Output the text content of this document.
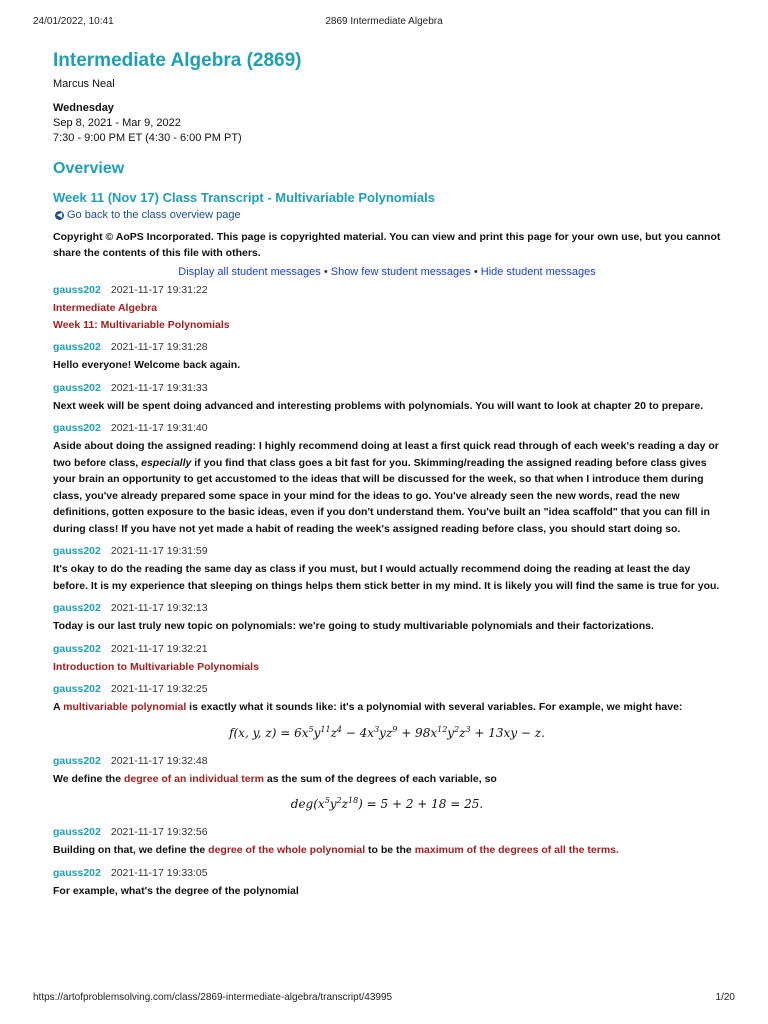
24/01/2022, 10:41	2869 Intermediate Algebra
Intermediate Algebra (2869)
Marcus Neal
Wednesday
Sep 8, 2021 - Mar 9, 2022
7:30 - 9:00 PM ET (4:30 - 6:00 PM PT)
Overview
Week 11 (Nov 17) Class Transcript - Multivariable Polynomials
◀ Go back to the class overview page
Copyright © AoPS Incorporated. This page is copyrighted material. You can view and print this page for your own use, but you cannot share the contents of this file with others.
Display all student messages • Show few student messages • Hide student messages
gauss202 2021-11-17 19:31:22
Intermediate Algebra
Week 11: Multivariable Polynomials
gauss202 2021-11-17 19:31:28
Hello everyone! Welcome back again.
gauss202 2021-11-17 19:31:33
Next week will be spent doing advanced and interesting problems with polynomials. You will want to look at chapter 20 to prepare.
gauss202 2021-11-17 19:31:40
Aside about doing the assigned reading: I highly recommend doing at least a first quick read through of each week's reading a day or two before class, especially if you find that class goes a bit fast for you. Skimming/reading the assigned reading before class gives your brain an opportunity to get accustomed to the ideas that will be discussed for the week, so that when I introduce them during class, you've already prepared some space in your mind for the ideas to go. You've already seen the new words, read the new definitions, gotten exposure to the basic ideas, even if you don't understand them. You've built an "idea scaffold" that you can fill in during class! If you have not yet made a habit of reading the week's assigned reading before class, you should start doing so.
gauss202 2021-11-17 19:31:59
It's okay to do the reading the same day as class if you must, but I would actually recommend doing the reading at least the day before. It is my experience that sleeping on things helps them stick better in my mind. It is likely you will find the same is true for you.
gauss202 2021-11-17 19:32:13
Today is our last truly new topic on polynomials: we're going to study multivariable polynomials and their factorizations.
gauss202 2021-11-17 19:32:21
Introduction to Multivariable Polynomials
gauss202 2021-11-17 19:32:25
A multivariable polynomial is exactly what it sounds like: it's a polynomial with several variables. For example, we might have:
f(x, y, $z) = 6x^5y^{11}z^4 - 4x^3yz^9 + 98x^{12}y^2z^3 + 13xy - z$.
gauss202 2021-11-17 19:32:48
We define the degree of an individual term as the sum of the degrees of each variable, so
$deg(x^5y^2z^{18}) = 5 + 2 + 18 = 25$.
gauss202 2021-11-17 19:32:56
Building on that, we define the degree of the whole polynomial to be the maximum of the degrees of all the terms.
gauss202 2021-11-17 19:33:05
For example, what's the degree of the polynomial
https://artofproblemsolving.com/class/2869-intermediate-algebra/transcript/43995	1/20
